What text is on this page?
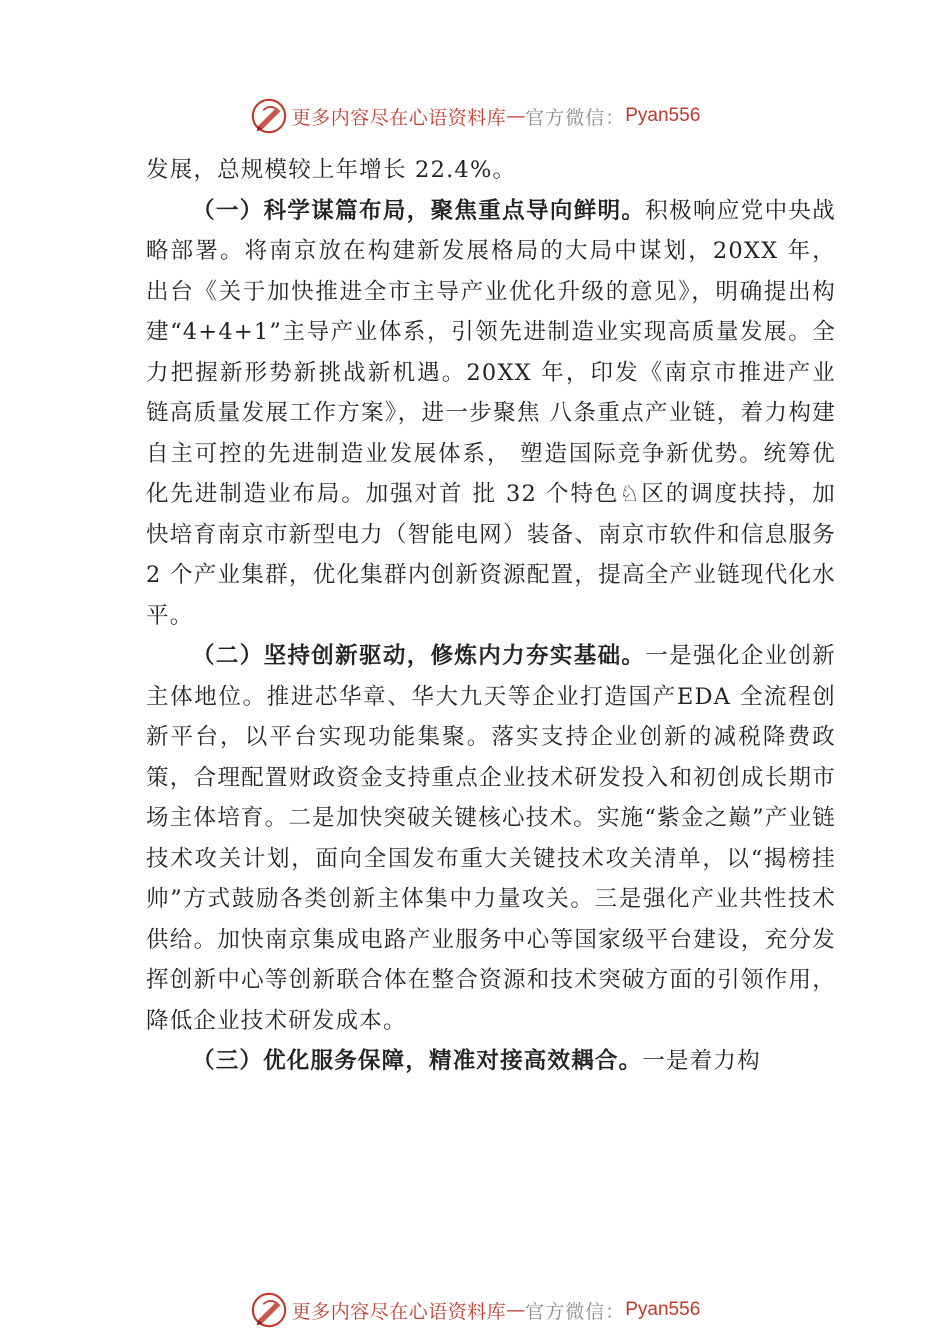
更多内容尽在心语资料库 — 官方微信： Pyan556

发展，总规模较上年增长 22.4%。

（一）科学谋篇布局，聚焦重点导向鲜明。积极响应党中央战略部署。将南京放在构建新发展格局的大局中谋划，20XX 年，出台《关于加快推进全市主导产业优化升级的意见》，明确提出构建“4+4+1”主导产业体系，引领先进制造业实现高质量发展。全力把握新形势新挑战新机遇。20XX 年，印发《南京市推进产业链高质量发展工作方案》，进一步聚焦 八条重点产业链，着力构建自主可控的先进制造业发展体系， 塑造国际竞争新优势。统筹优化先进制造业布局。加强对首 批 32 个特色♘区的调度扶持，加快培育南京市新型电力（智能电网）装备、南京市软件和信息服务 2 个产业集群，优化集群内创新资源配置，提高全产业链现代化水平。

（二）坚持创新驱动，修炼内力夯实基础。一是强化企业创新主体地位。推进芯华章、华大九天等企业打造国产EDA 全流程创新平台，以平台实现功能集聚。落实支持企业创新的减税降费政策，合理配置财政资金支持重点企业技术研发投入和初创成长期市场主体培育。二是加快突破关键核心技术。实施“紫金之巅”产业链技术攻关计划，面向全国发布重大关键技术攻关清单，以“揭榜挂帅”方式鼓励各类创新主体集中力量攻关。三是强化产业共性技术供给。加快南京集成电路产业服务中心等国家级平台建设，充分发挥创新中心等创新联合体在整合资源和技术突破方面的引领作用，降低企业技术研发成本。

（三）优化服务保障，精准对接高效耦合。一是着力构

更多内容尽在心语资料库 — 官方微信： Pyan556
